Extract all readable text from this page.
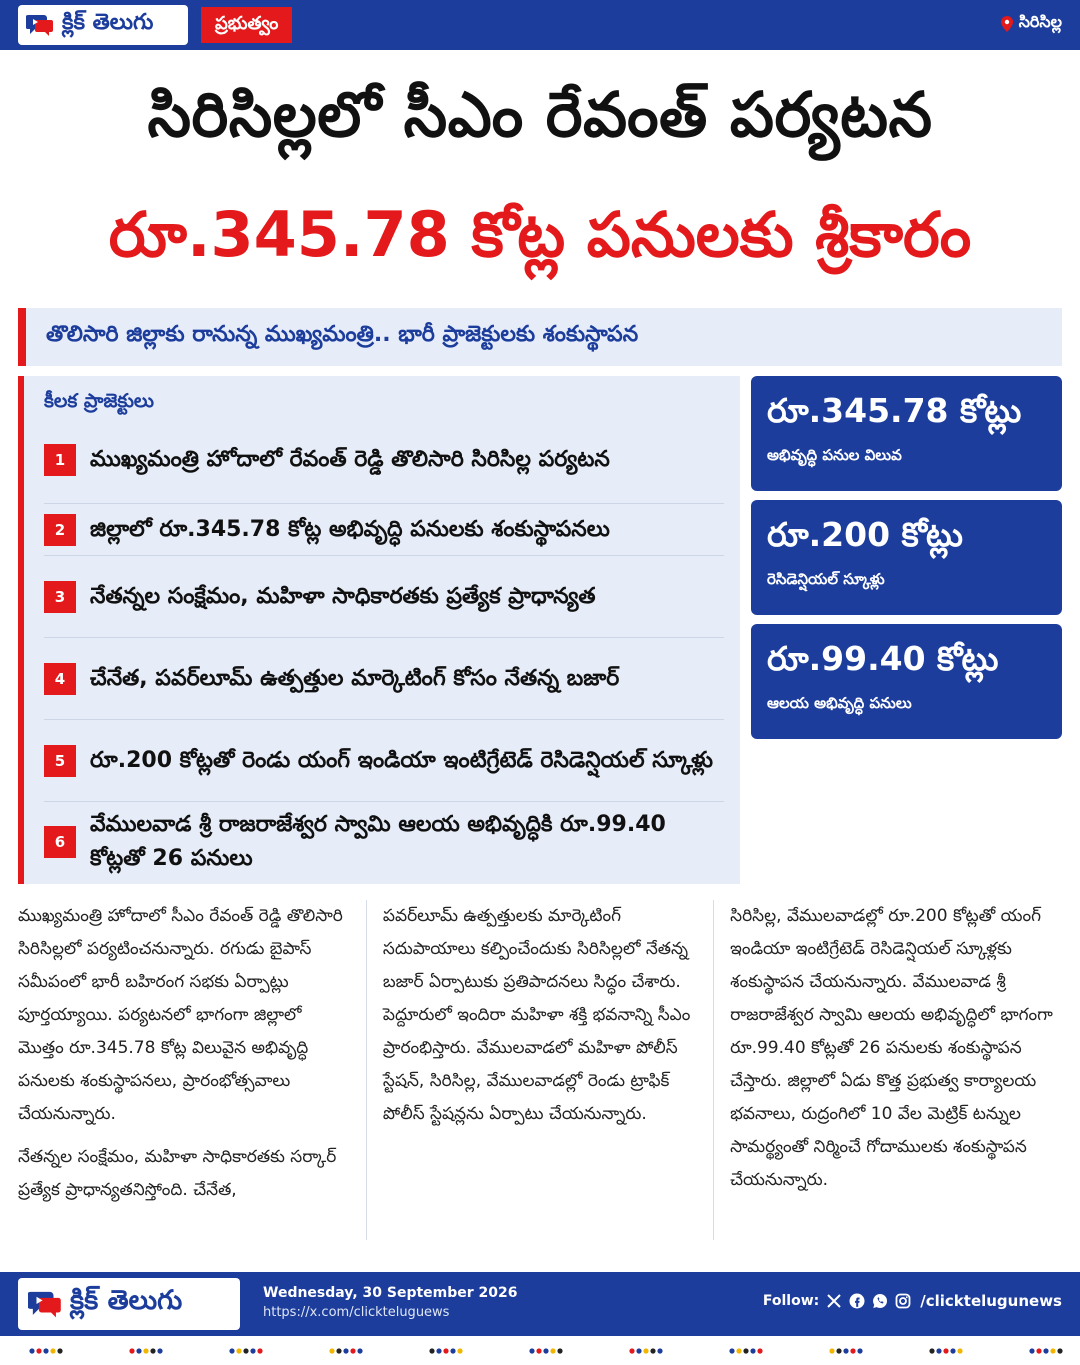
క్లిక్ తెలుగు	ప్రభుత్వం	సిరిసిల్ల
సిరిసిల్లలో సీఎం రేవంత్ పర్యటన
రూ.345.78 కోట్ల పనులకు శ్రీకారం
తొలిసారి జిల్లాకు రానున్న ముఖ్యమంత్రి.. భారీ ప్రాజెక్టులకు శంకుస్థాపన
కీలక ప్రాజెక్టులు
1	ముఖ్యమంత్రి హోదాలో రేవంత్ రెడ్డి తొలిసారి సిరిసిల్ల పర్యటన
2	జిల్లాలో రూ.345.78 కోట్ల అభివృద్ధి పనులకు శంకుస్థాపనలు
3	నేతన్నల సంక్షేమం, మహిళా సాధికారతకు ప్రత్యేక ప్రాధాన్యత
4	చేనేత, పవర్‌లూమ్ ఉత్పత్తుల మార్కెటింగ్ కోసం నేతన్న బజార్
5	రూ.200 కోట్లతో రెండు యంగ్ ఇండియా ఇంటిగ్రేటెడ్ రెసిడెన్షియల్ స్కూళ్లు
6
వేములవాడ శ్రీ రాజరాజేశ్వర స్వామి ఆలయ అభివృద్ధికి రూ.99.40 కోట్లతో 26 పనులు
రూ.345.78 కోట్లు
అభివృద్ధి పనుల విలువ
రూ.200 కోట్లు
రెసిడెన్షియల్ స్కూళ్లు
రూ.99.40 కోట్లు
ఆలయ అభివృద్ధి పనులు

ముఖ్యమంత్రి హోదాలో సీఎం రేవంత్ రెడ్డి తొలిసారి సిరిసిల్లలో పర్యటించనున్నారు. రగుడు బైపాస్ సమీపంలో భారీ బహిరంగ సభకు ఏర్పాట్లు పూర్తయ్యాయి. పర్యటనలో భాగంగా జిల్లాలో మొత్తం రూ.345.78 కోట్ల విలువైన అభివృద్ధి పనులకు శంకుస్థాపనలు, ప్రారంభోత్సవాలు చేయనున్నారు.

నేతన్నల సంక్షేమం, మహిళా సాధికారతకు సర్కార్ ప్రత్యేక ప్రాధాన్యతనిస్తోంది. చేనేత,

పవర్‌లూమ్ ఉత్పత్తులకు మార్కెటింగ్ సదుపాయాలు కల్పించేందుకు సిరిసిల్లలో నేతన్న బజార్ ఏర్పాటుకు ప్రతిపాదనలు సిద్ధం చేశారు. పెద్దూరులో ఇందిరా మహిళా శక్తి భవనాన్ని సీఎం ప్రారంభిస్తారు. వేములవాడలో మహిళా పోలీస్ స్టేషన్, సిరిసిల్ల, వేములవాడల్లో రెండు ట్రాఫిక్ పోలీస్ స్టేషన్లను ఏర్పాటు చేయనున్నారు.

సిరిసిల్ల, వేములవాడల్లో రూ.200 కోట్లతో యంగ్ ఇండియా ఇంటిగ్రేటెడ్ రెసిడెన్షియల్ స్కూళ్లకు శంకుస్థాపన చేయనున్నారు. వేములవాడ శ్రీ రాజరాజేశ్వర స్వామి ఆలయ అభివృద్ధిలో భాగంగా రూ.99.40 కోట్లతో 26 పనులకు శంకుస్థాపన చేస్తారు. జిల్లాలో ఏడు కొత్త ప్రభుత్వ కార్యాలయ భవనాలు, రుద్రంగిలో 10 వేల మెట్రిక్ టన్నుల సామర్థ్యంతో నిర్మించే గోదాములకు శంకుస్థాపన చేయనున్నారు.

క్లిక్ తెలుగు	Wednesday, 30 September 2026
https://x.com/clickteluguews
Follow:	/clicktelugunews
